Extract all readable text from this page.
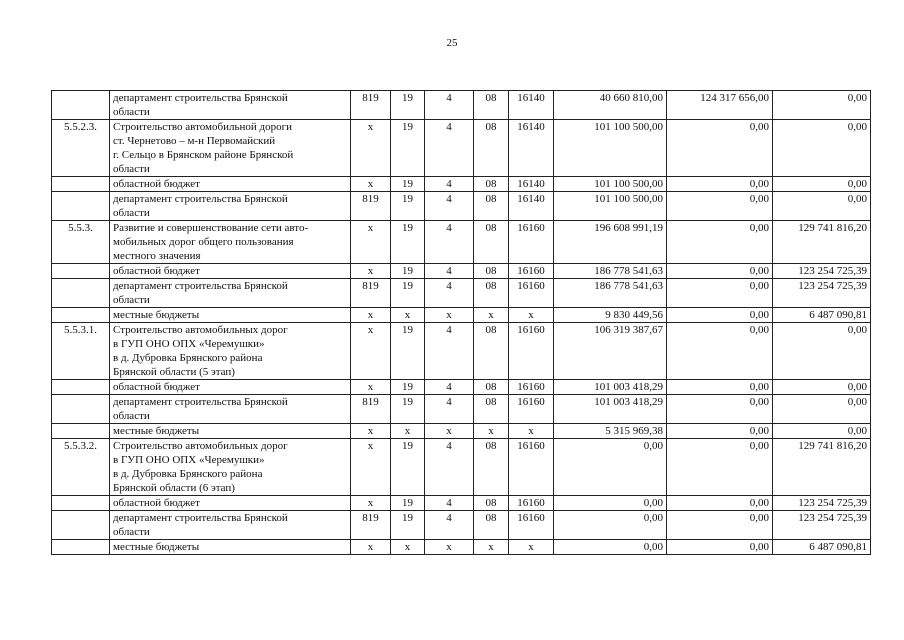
25

	департамент строительства Брянской
области	819	19	4	08	16140	40 660 810,00	124 317 656,00	0,00
5.5.2.3.	Строительство автомобильной дороги
ст. Чернетово – м-н Первомайский
г. Сельцо в Брянском районе Брянской
области	х	19	4	08	16140	101 100 500,00	0,00	0,00

	областной бюджет	х	19	4	08	16140	101 100 500,00	0,00	0,00

	департамент строительства Брянской
области	819	19	4	08	16140	101 100 500,00	0,00	0,00
5.5.3.	Развитие и совершенствование сети авто-
мобильных дорог общего пользования
местного значения	х	19	4	08	16160	196 608 991,19	0,00	129 741 816,20

	областной бюджет	х	19	4	08	16160	186 778 541,63	0,00	123 254 725,39

	департамент строительства Брянской
области	819	19	4	08	16160	186 778 541,63	0,00	123 254 725,39

	местные бюджеты	х	х	х	х	х	9 830 449,56	0,00	6 487 090,81
5.5.3.1.	Строительство автомобильных дорог
в ГУП ОНО ОПХ «Черемушки»
в д. Дубровка Брянского района
Брянской области (5 этап)	х	19	4	08	16160	106 319 387,67	0,00	0,00

	областной бюджет	х	19	4	08	16160	101 003 418,29	0,00	0,00

	департамент строительства Брянской
области	819	19	4	08	16160	101 003 418,29	0,00	0,00

	местные бюджеты	х	х	х	х	х	5 315 969,38	0,00	0,00
5.5.3.2.	Строительство автомобильных дорог
в ГУП ОНО ОПХ «Черемушки»
в д. Дубровка Брянского района
Брянской области (6 этап)	х	19	4	08	16160	0,00	0,00	129 741 816,20

	областной бюджет	х	19	4	08	16160	0,00	0,00	123 254 725,39

	департамент строительства Брянской
области	819	19	4	08	16160	0,00	0,00	123 254 725,39

	местные бюджеты	х	х	х	х	х	0,00	0,00	6 487 090,81
